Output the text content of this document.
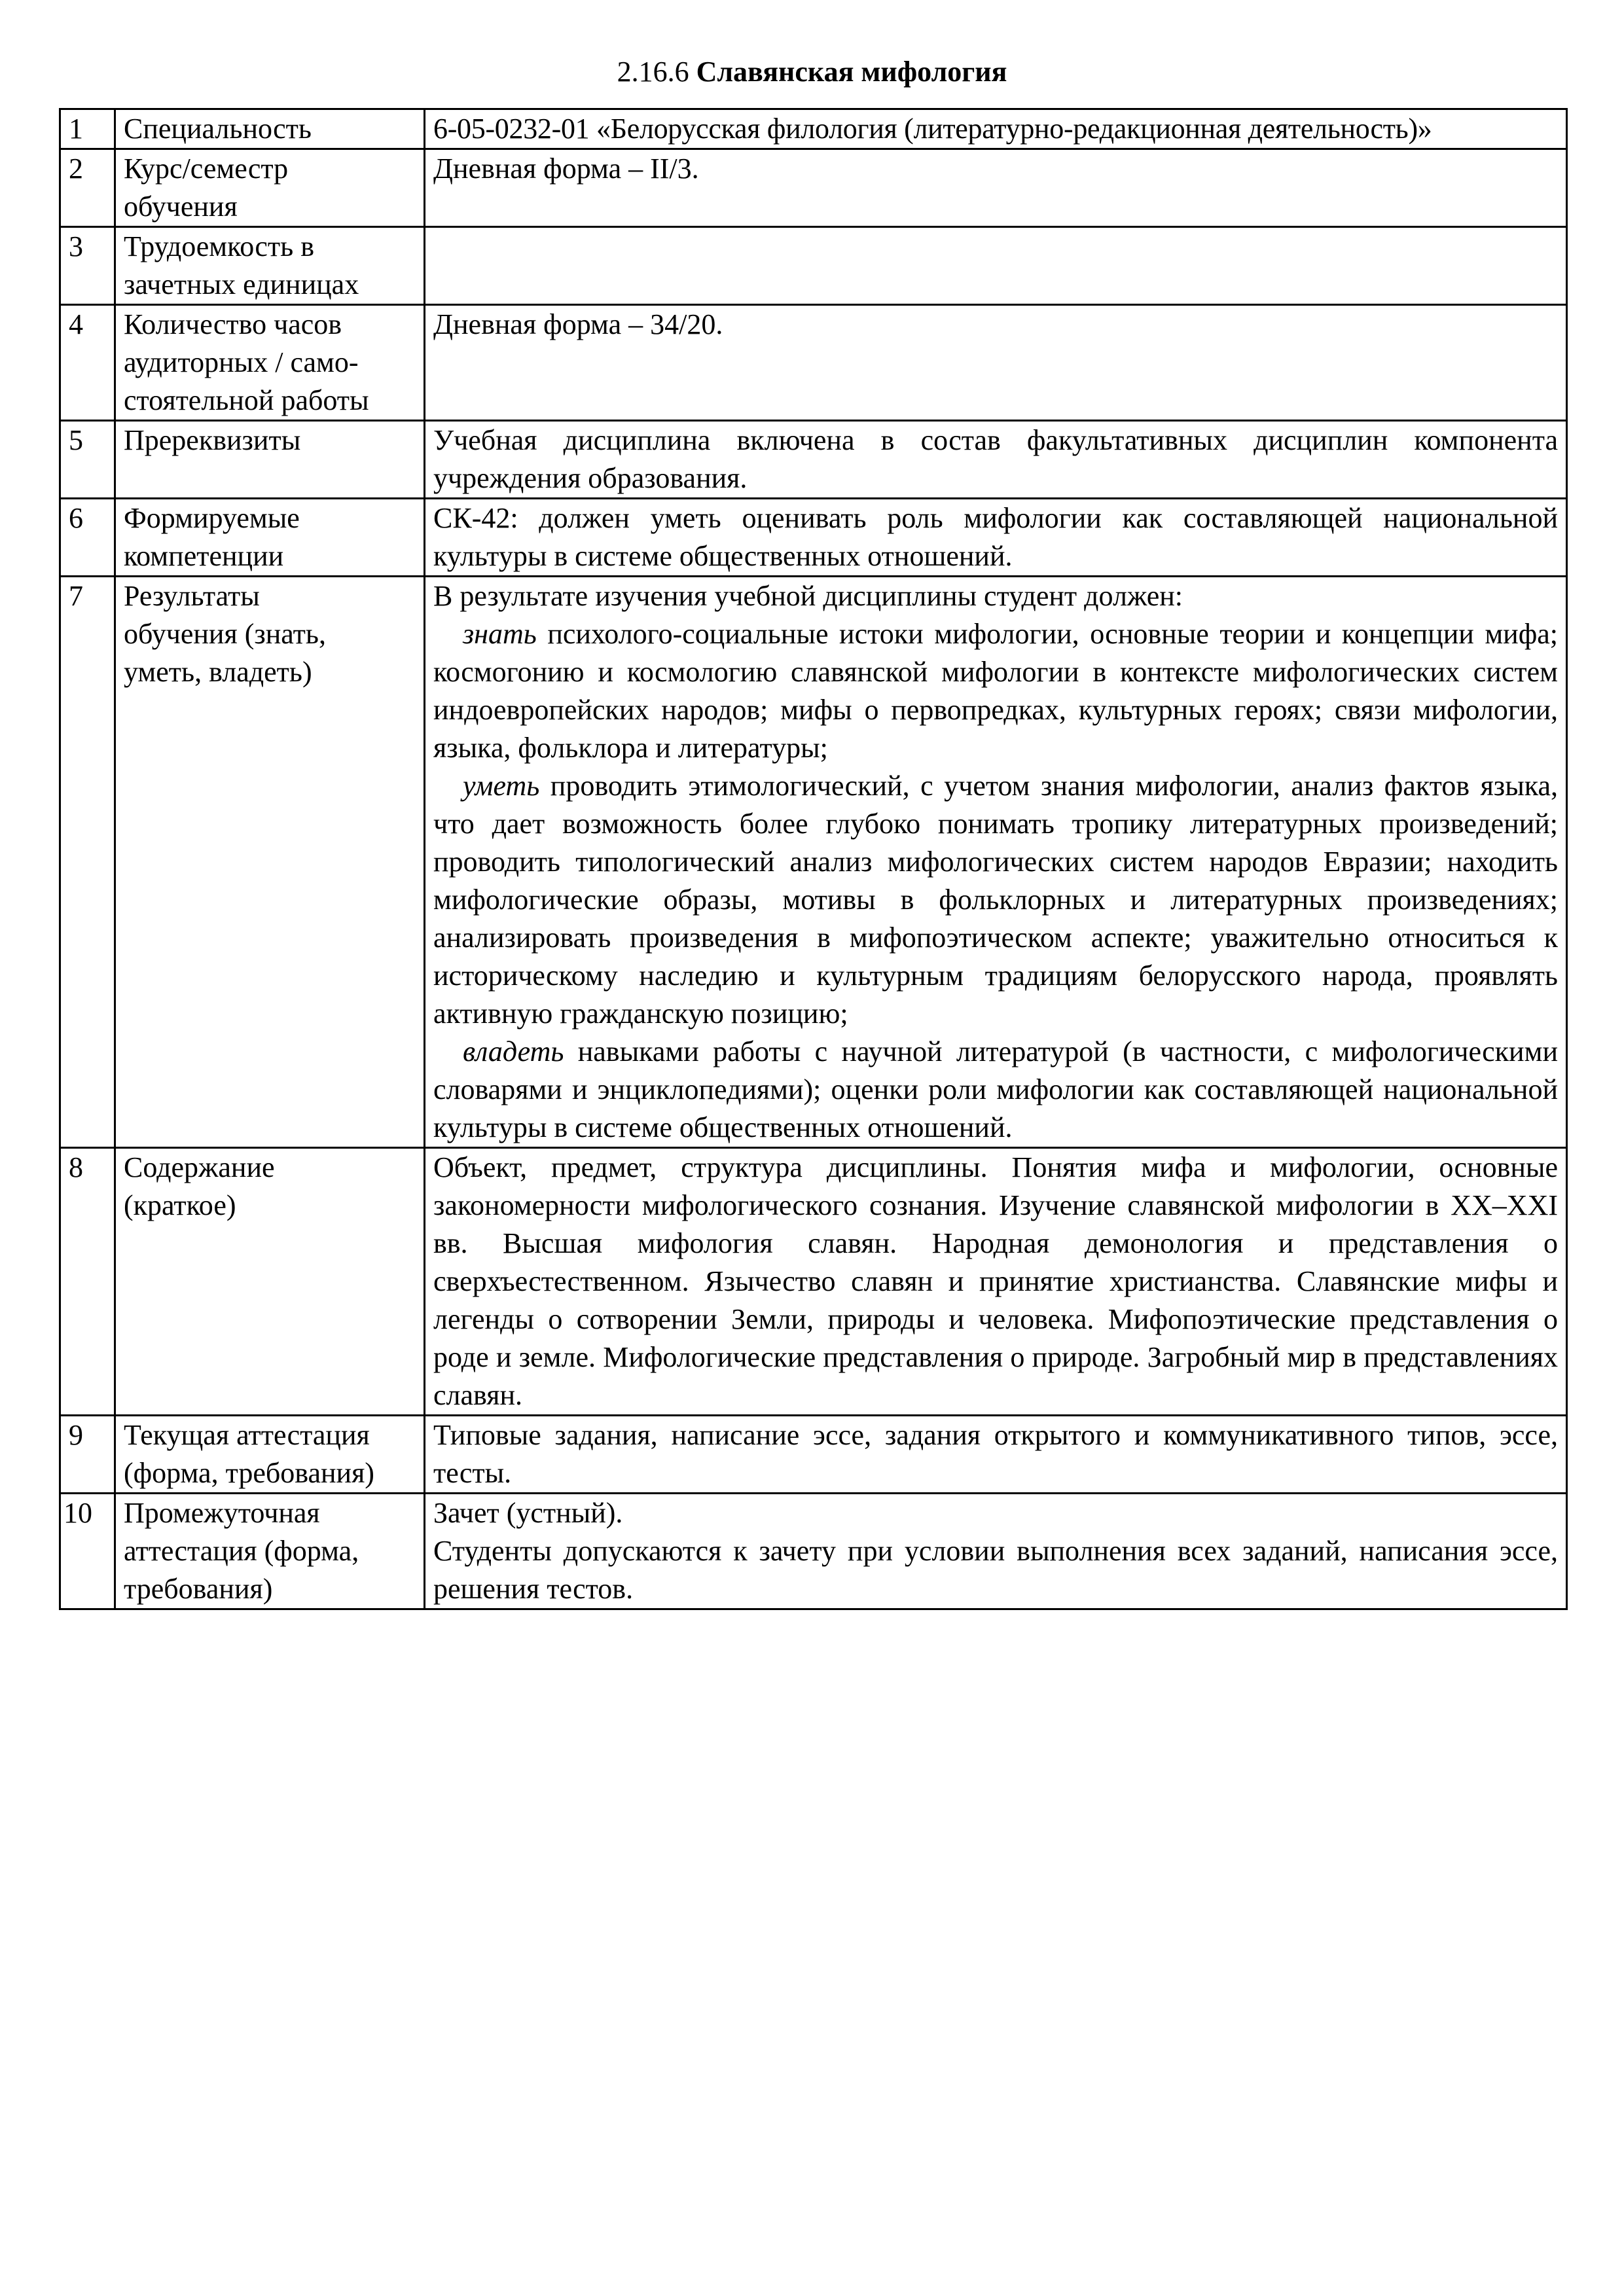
2.16.6 Славянская мифология
1	Специальность	6-05-0232-01 «Белорусская филология (литературно-редакционная деятельность)»
2	Курс/семестр обучения	Дневная форма – II/3.
3	Трудоемкость в зачетных единицах	
4	Количество часов аудиторных / само-стоятельной работы	Дневная форма – 34/20.
5	Пререквизиты	Учебная дисциплина включена в состав факультативных дисциплин компонента учреждения образования.
6	Формируемые компетенции	СК-42: должен уметь оценивать роль мифологии как составляющей национальной культуры в системе общественных отношений.
7	Результаты обучения (знать, уметь, владеть)	В результате изучения учебной дисциплины студент должен:
знать психолого-социальные истоки мифологии, основные теории и концепции мифа; космогонию и космологию славянской мифологии в контексте мифологических систем индоевропейских народов; мифы о первопредках, культурных героях; связи мифологии, языка, фольклора и литературы;
уметь проводить этимологический, с учетом знания мифологии, анализ фактов языка, что дает возможность более глубоко понимать тропику литературных произведений; проводить типологический анализ мифологических систем народов Евразии; находить мифологические образы, мотивы в фольклорных и литературных произведениях; анализировать произведения в мифопоэтическом аспекте; уважительно относиться к историческому наследию и культурным традициям белорусского народа, проявлять активную гражданскую позицию;
владеть навыками работы с научной литературой (в частности, с мифологическими словарями и энциклопедиями); оценки роли мифологии как составляющей национальной культуры в системе общественных отношений.

8	Содержание (краткое)	Объект, предмет, структура дисциплины. Понятия мифа и мифологии, основные закономерности мифологического сознания. Изучение славянской мифологии в XX–XXI вв. Высшая мифология славян. Народная демонология и представления о сверхъестественном. Язычество славян и принятие христианства. Славянские мифы и легенды о сотворении Земли, природы и человека. Мифопоэтические представления о роде и земле. Мифологические представления о природе. Загробный мир в представлениях славян.
9	Текущая аттестация (форма, требования)	Типовые задания, написание эссе, задания открытого и коммуникативного типов, эссе, тесты.
10	Промежуточная аттестация (форма, требования)	Зачет (устный).
Студенты допускаются к зачету при условии выполнения всех заданий, написания эссе, решения тестов.
